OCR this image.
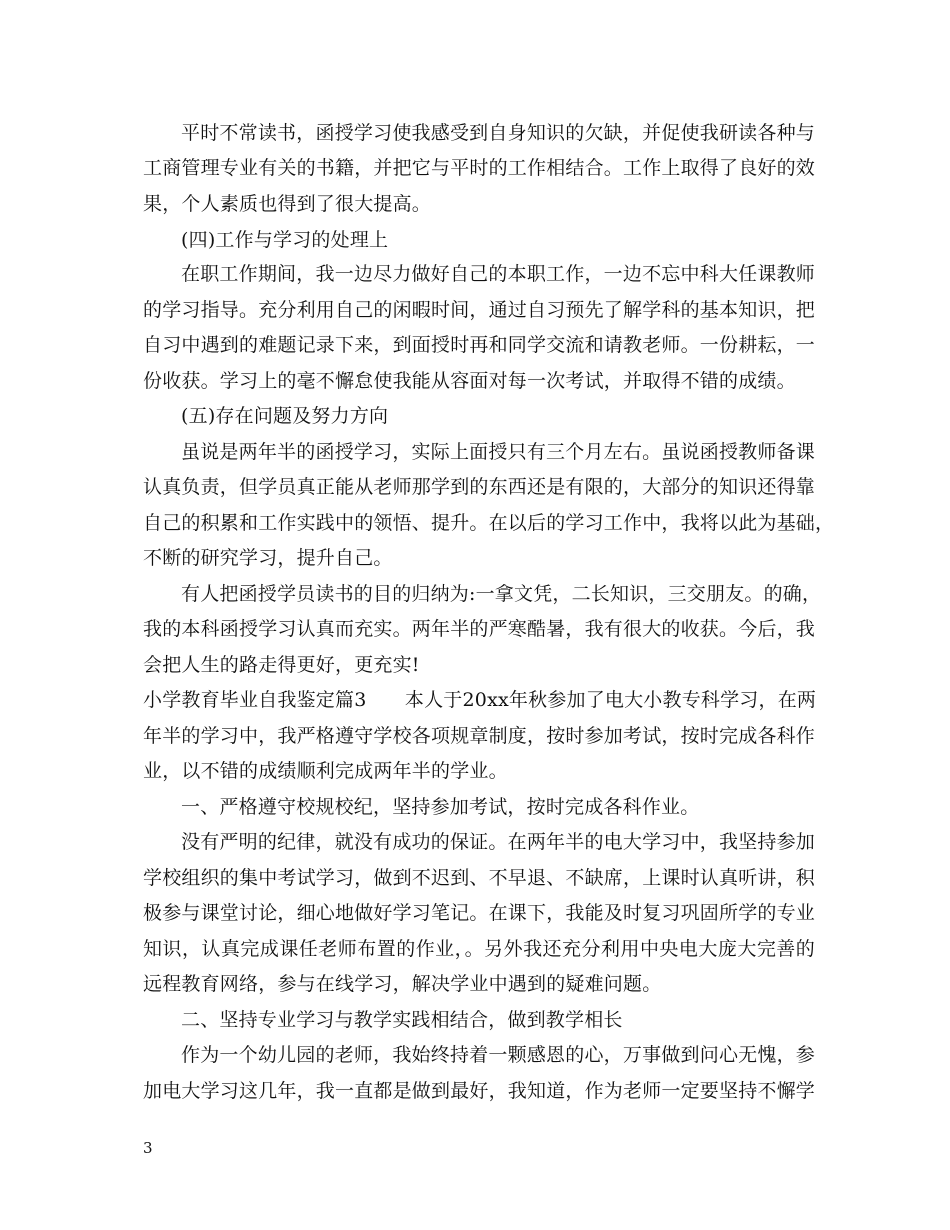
平时不常读书，函授学习使我感受到自身知识的欠缺，并促使我研读各种与
工商管理专业有关的书籍，并把它与平时的工作相结合。工作上取得了良好的效
果，个人素质也得到了很大提高。
(四)工作与学习的处理上
在职工作期间，我一边尽力做好自己的本职工作，一边不忘中科大任课教师
的学习指导。充分利用自己的闲暇时间，通过自习预先了解学科的基本知识，把
自习中遇到的难题记录下来，到面授时再和同学交流和请教老师。一份耕耘，一
份收获。学习上的毫不懈怠使我能从容面对每一次考试，并取得不错的成绩。
(五)存在问题及努力方向
虽说是两年半的函授学习，实际上面授只有三个月左右。虽说函授教师备课
认真负责，但学员真正能从老师那学到的东西还是有限的，大部分的知识还得靠
自己的积累和工作实践中的领悟、提升。在以后的学习工作中，我将以此为基础，
不断的研究学习，提升自己。
有人把函授学员读书的目的归纳为:一拿文凭，二长知识，三交朋友。的确，
我的本科函授学习认真而充实。两年半的严寒酷暑，我有很大的收获。今后，我
会把人生的路走得更好，更充实!
小学教育毕业自我鉴定篇3　　本人于20xx年秋参加了电大小教专科学习，在两
年半的学习中，我严格遵守学校各项规章制度，按时参加考试，按时完成各科作
业，以不错的成绩顺利完成两年半的学业。
一、严格遵守校规校纪，坚持参加考试，按时完成各科作业。
没有严明的纪律，就没有成功的保证。在两年半的电大学习中，我坚持参加
学校组织的集中考试学习，做到不迟到、不早退、不缺席，上课时认真听讲，积
极参与课堂讨论，细心地做好学习笔记。在课下，我能及时复习巩固所学的专业
知识，认真完成课任老师布置的作业，。另外我还充分利用中央电大庞大完善的
远程教育网络，参与在线学习，解决学业中遇到的疑难问题。
二、坚持专业学习与教学实践相结合，做到教学相长
作为一个幼儿园的老师，我始终持着一颗感恩的心，万事做到问心无愧，参
加电大学习这几年，我一直都是做到最好，我知道，作为老师一定要坚持不懈学
3
